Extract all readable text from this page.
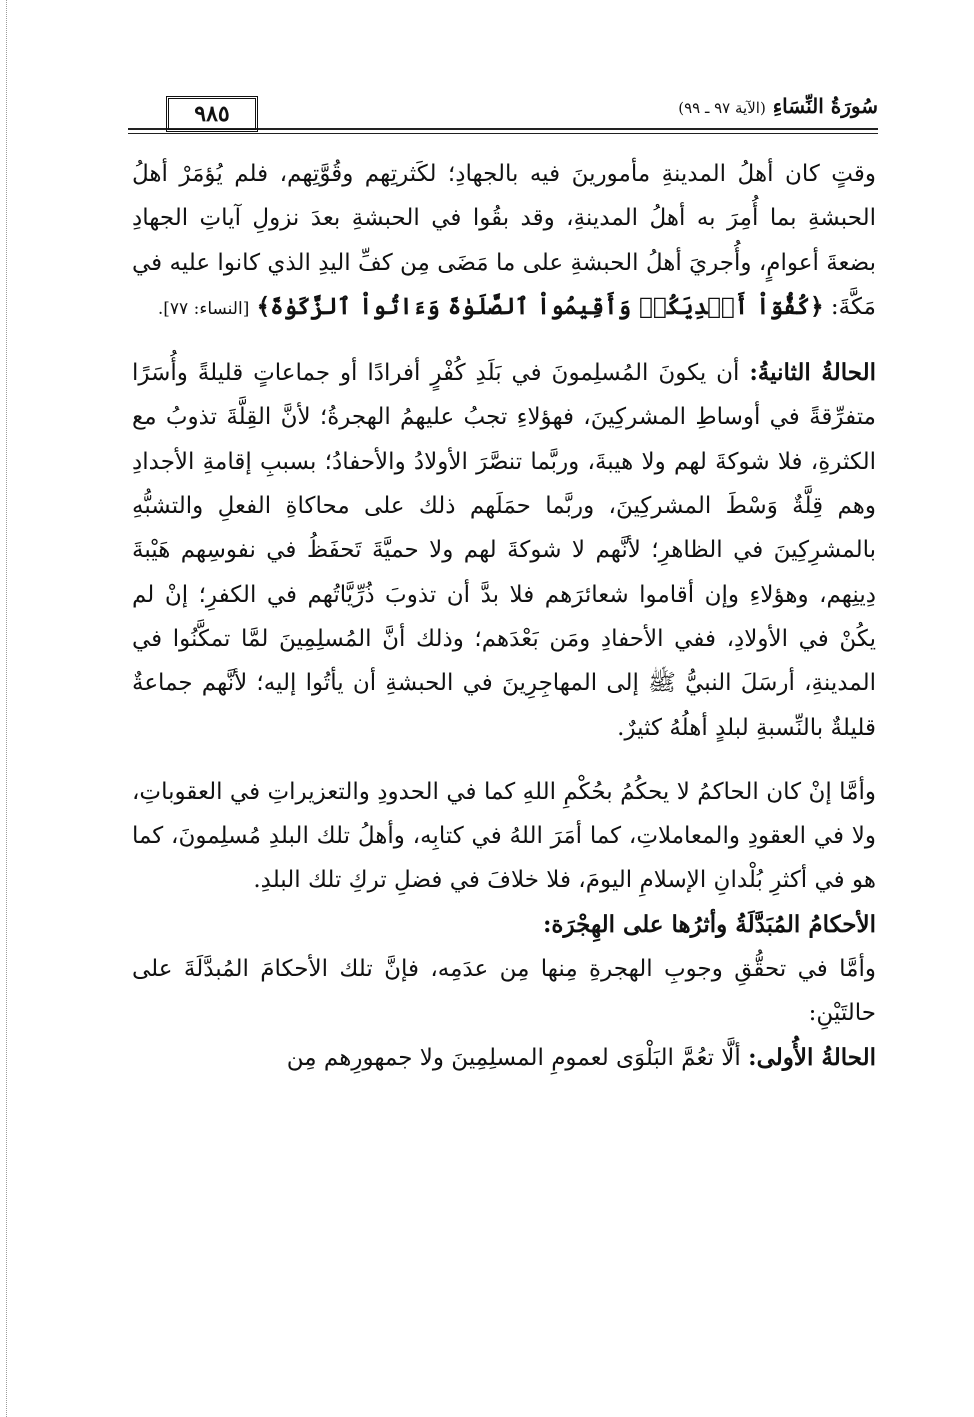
سُورَةُ النِّسَاءِ (الآية ٩٧ ـ ٩٩)
٩٨٥

وقتٍ كان أهلُ المدينةِ مأمورينَ فيه بالجهادِ؛ لكَثرتِهم وقُوَّتِهم، فلم يُؤمَرْ أهلُ الحبشةِ بما أُمِرَ به أهلُ المدينةِ، وقد بقُوا في الحبشةِ بعدَ نزولِ آياتِ الجهادِ بضعةَ أعوامٍ، وأُجريَ أهلُ الحبشةِ على ما مَضَى مِن كفِّ اليدِ الذي كانوا عليه في مَكَّةَ: ﴿كُفُّوٓاْ أَيۡدِيَكُمۡ وَأَقِيمُواْ ٱلصَّلَوٰةَ وَءَاتُواْ ٱلزَّكَوٰةَ﴾ [النساء: ٧٧].

الحالةُ الثانيةُ: أن يكونَ المُسلِمونَ في بَلَدِ كُفْرٍ أفرادًا أو جماعاتٍ قليلةً وأُسَرًا متفرِّقةً في أوساطِ المشركِينَ، فهؤلاءِ تجبُ عليهمُ الهجرةُ؛ لأنَّ القِلَّةَ تذوبُ مع الكثرةِ، فلا شوكةَ لهم ولا هيبةَ، وربَّما تنصَّرَ الأولادُ والأحفادُ؛ بسببِ إقامةِ الأجدادِ وهم قِلَّةٌ وَسْطَ المشركِينَ، وربَّما حمَلَهم ذلك على محاكاةِ الفعلِ والتشبُّهِ بالمشرِكِينَ في الظاهرِ؛ لأنَّهم لا شوكةَ لهم ولا حميَّةَ تَحفَظُ في نفوسِهم هَيْبةَ دِينِهم، وهؤلاءِ وإن أقاموا شعائرَهم فلا بدَّ أن تذوبَ ذُرِّيَّاتُهم في الكفرِ؛ إنْ لم يكُنْ في الأولادِ، ففي الأحفادِ ومَن بَعْدَهم؛ وذلك أنَّ المُسلِمِينَ لمَّا تمكَّنُوا في المدينةِ، أرسَلَ النبيُّ ﷺ إلى المهاجِرِينَ في الحبشةِ أن يأتُوا إليه؛ لأنَّهم جماعةٌ قليلةٌ بالنِّسبةِ لبلدٍ أهلُهُ كثيرٌ.

وأمَّا إنْ كان الحاكمُ لا يحكُمُ بحُكْمِ اللهِ كما في الحدودِ والتعزيراتِ في العقوباتِ، ولا في العقودِ والمعاملاتِ، كما أمَرَ اللهُ في كتابِه، وأهلُ تلك البلدِ مُسلِمونَ، كما هو في أكثرِ بُلْدانِ الإسلامِ اليومَ، فلا خلافَ في فضلِ تركِ تلك البلدِ.

الأحكامُ المُبَدَّلَةُ وأثرُها على الهِجْرَة:

وأمَّا في تحقُّقِ وجوبِ الهجرةِ مِنها مِن عدَمِه، فإنَّ تلك الأحكامَ المُبدَّلَةَ على حالتَيْنِ:

الحالةُ الأُولى: ألَّا تعُمَّ البَلْوَى لعمومِ المسلِمِينَ ولا جمهورِهم مِن
